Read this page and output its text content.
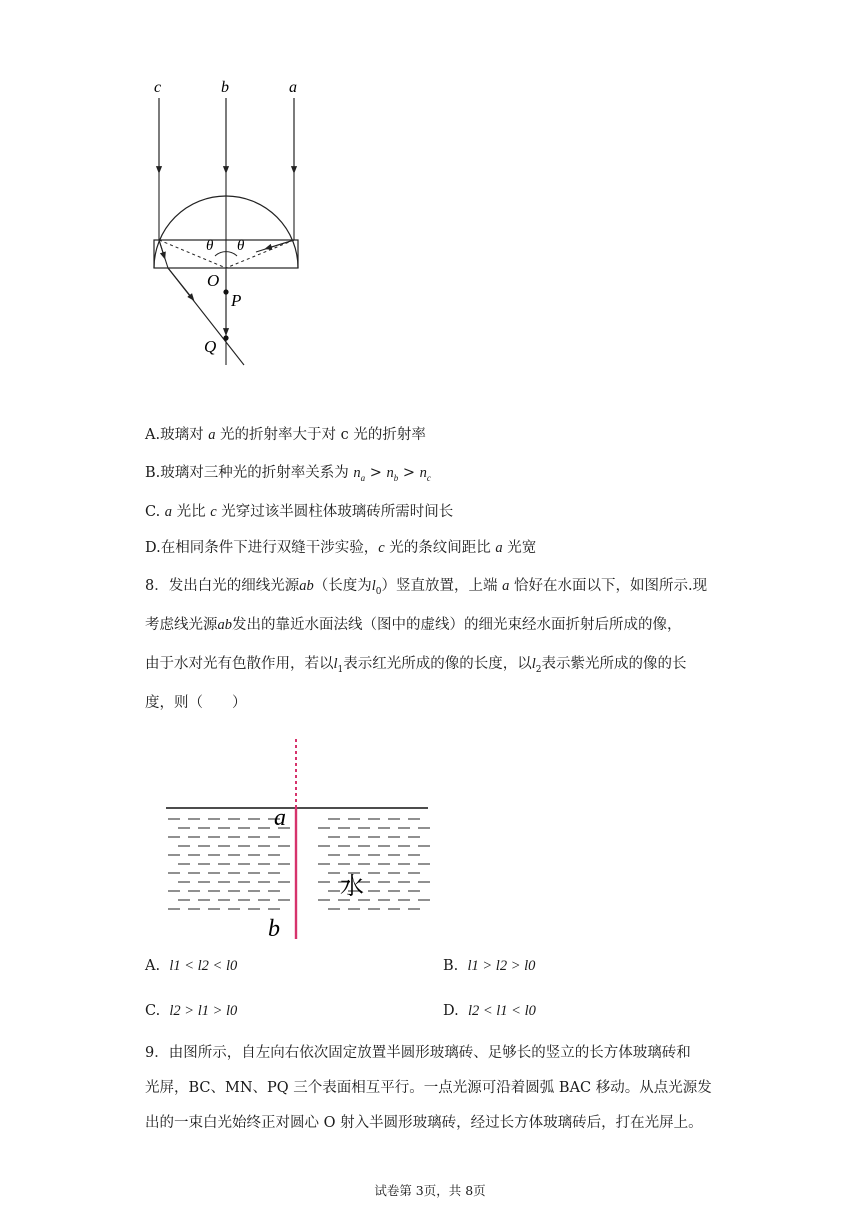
c	b	a
θ θ
O
P
Q
A.玻璃对 a 光的折射率大于对 c 光的折射率
B.玻璃对三种光的折射率关系为 $n_a > n_b > n_c$
C. a 光比 c 光穿过该半圆柱体玻璃砖所需时间长
D.在相同条件下进行双缝干涉实验，c 光的条纹间距比 a 光宽
8．发出白光的细线光源ab（长度为$l_0$）竖直放置，上端 a 恰好在水面以下，如图所示.现
考虑线光源ab发出的靠近水面法线（图中的虚线）的细光束经水面折射后所成的像，
由于水对光有色散作用，若以$l_1$表示红光所成的像的长度，以$l_2$表示紫光所成的像的长
度，则（　　）
a
b
水
A. l1 < l2 < l0	B. l1 > l2 > l0
C. l2 > l1 > l0	D. l2 < l1 < l0
9．由图所示，自左向右依次固定放置半圆形玻璃砖、足够长的竖立的长方体玻璃砖和
光屏，BC、MN、PQ 三个表面相互平行。一点光源可沿着圆弧 BAC 移动。从点光源发
出的一束白光始终正对圆心 O 射入半圆形玻璃砖，经过长方体玻璃砖后，打在光屏上。
试卷第 3页，共 8页
